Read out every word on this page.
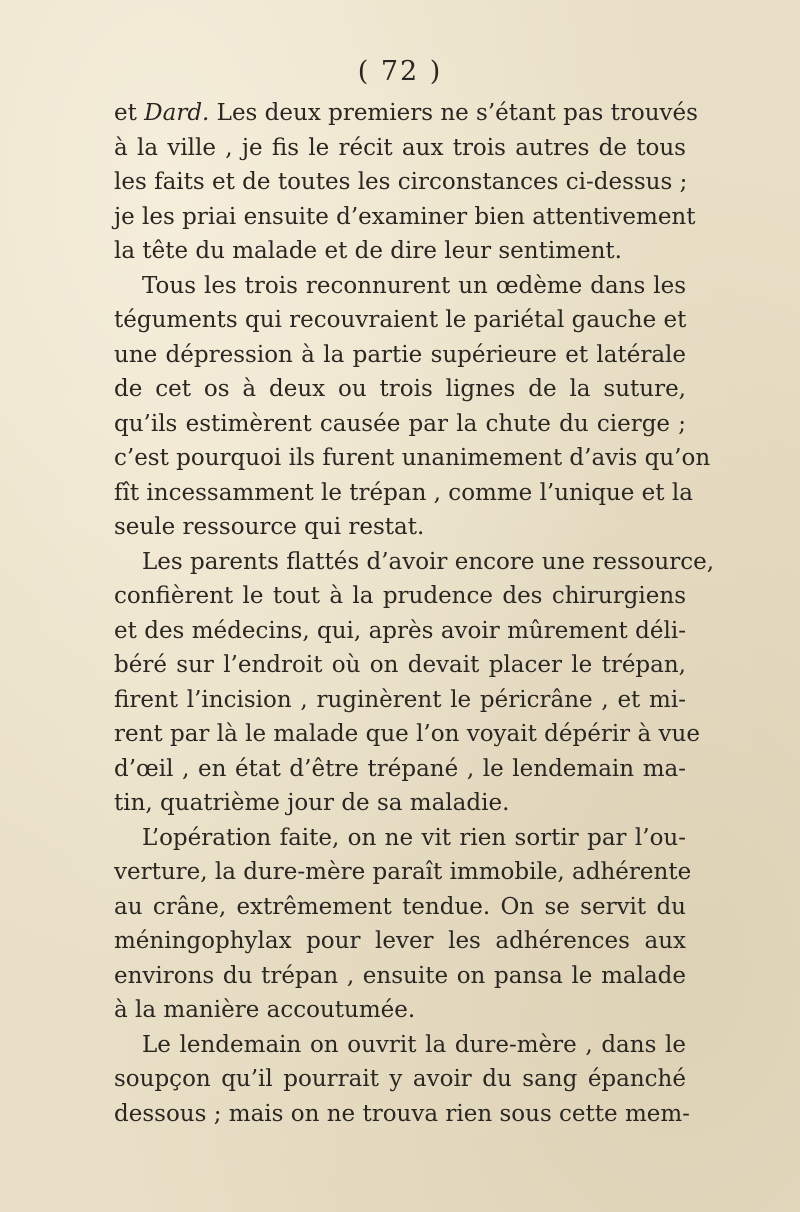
( 72 )
et Dard. Les deux premiers ne s’étant pas trouvés
à la ville , je fis le récit aux trois autres de tous
les faits et de toutes les circonstances ci-dessus ;
je les priai ensuite d’examiner bien attentivement
la tête du malade et de dire leur sentiment.
Tous les trois reconnurent un œdème dans les
téguments qui recouvraient le pariétal gauche et
une dépression à la partie supérieure et latérale
de cet os à deux ou trois lignes de la suture,
qu’ils estimèrent causée par la chute du cierge ;
c’est pourquoi ils furent unanimement d’avis qu’on
fît incessamment le trépan , comme l’unique et la
seule ressource qui restat.
Les parents flattés d’avoir encore une ressource,
confièrent le tout à la prudence des chirurgiens
et des médecins, qui, après avoir mûrement déli-
béré sur l’endroit où on devait placer le trépan,
firent l’incision , ruginèrent le péricrâne , et mi-
rent par là le malade que l’on voyait dépérir à vue
d’œil , en état d’être trépané , le lendemain ma-
tin, quatrième jour de sa maladie.
L’opération faite, on ne vit rien sortir par l’ou-
verture, la dure-mère paraît immobile, adhérente
au crâne, extrêmement tendue. On se servit du
méningophylax pour lever les adhérences aux
environs du trépan , ensuite on pansa le malade
à la manière accoutumée.
Le lendemain on ouvrit la dure-mère , dans le
soupçon qu’il pourrait y avoir du sang épanché
dessous ; mais on ne trouva rien sous cette mem-
